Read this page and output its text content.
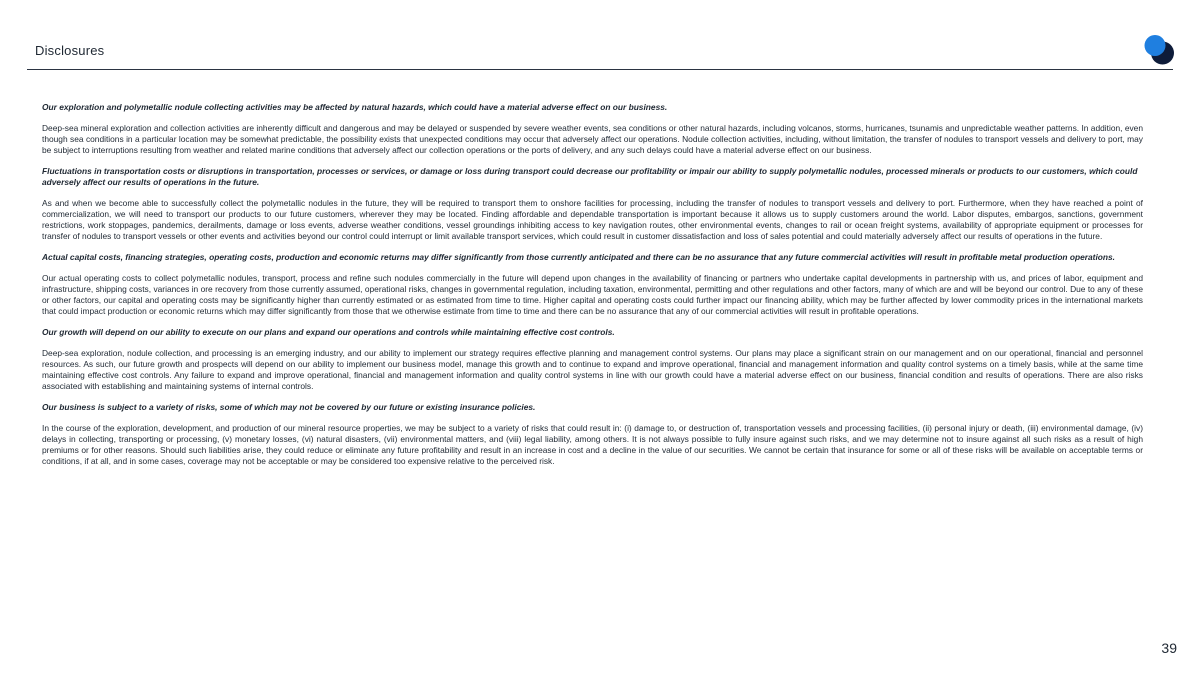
Disclosures

Our exploration and polymetallic nodule collecting activities may be affected by natural hazards, which could have a material adverse effect on our business.

Deep-sea mineral exploration and collection activities are inherently difficult and dangerous and may be delayed or suspended by severe weather events, sea conditions or other natural hazards, including volcanos, storms, hurricanes, tsunamis and unpredictable weather patterns. In addition, even though sea conditions in a particular location may be somewhat predictable, the possibility exists that unexpected conditions may occur that adversely affect our operations. Nodule collection activities, including, without limitation, the transfer of nodules to transport vessels and delivery to port, may be subject to interruptions resulting from weather and related marine conditions that adversely affect our collection operations or the ports of delivery, and any such delays could have a material adverse effect on our business.

Fluctuations in transportation costs or disruptions in transportation, processes or services, or damage or loss during transport could decrease our profitability or impair our ability to supply polymetallic nodules, processed minerals or products to our customers, which could adversely affect our results of operations in the future.

As and when we become able to successfully collect the polymetallic nodules in the future, they will be required to transport them to onshore facilities for processing, including the transfer of nodules to transport vessels and delivery to port. Furthermore, when they have reached a point of commercialization, we will need to transport our products to our future customers, wherever they may be located. Finding affordable and dependable transportation is important because it allows us to supply customers around the world. Labor disputes, embargos, sanctions, government restrictions, work stoppages, pandemics, derailments, damage or loss events, adverse weather conditions, vessel groundings inhibiting access to key navigation routes, other environmental events, changes to rail or ocean freight systems, availability of appropriate equipment or processes for transfer of nodules to transport vessels or other events and activities beyond our control could interrupt or limit available transport services, which could result in customer dissatisfaction and loss of sales potential and could materially adversely affect our results of operations in the future.

Actual capital costs, financing strategies, operating costs, production and economic returns may differ significantly from those currently anticipated and there can be no assurance that any future commercial activities will result in profitable metal production operations.

Our actual operating costs to collect polymetallic nodules, transport, process and refine such nodules commercially in the future will depend upon changes in the availability of financing or partners who undertake capital developments in partnership with us, and prices of labor, equipment and infrastructure, shipping costs, variances in ore recovery from those currently assumed, operational risks, changes in governmental regulation, including taxation, environmental, permitting and other regulations and other factors, many of which are and will be beyond our control. Due to any of these or other factors, our capital and operating costs may be significantly higher than currently estimated or as estimated from time to time. Higher capital and operating costs could further impact our financing ability, which may be further affected by lower commodity prices in the international markets that could impact production or economic returns which may differ significantly from those that we otherwise estimate from time to time and there can be no assurance that any of our commercial activities will result in profitable operations.

Our growth will depend on our ability to execute on our plans and expand our operations and controls while maintaining effective cost controls.

Deep-sea exploration, nodule collection, and processing is an emerging industry, and our ability to implement our strategy requires effective planning and management control systems. Our plans may place a significant strain on our management and on our operational, financial and personnel resources. As such, our future growth and prospects will depend on our ability to implement our business model, manage this growth and to continue to expand and improve operational, financial and management information and quality control systems on a timely basis, while at the same time maintaining effective cost controls. Any failure to expand and improve operational, financial and management information and quality control systems in line with our growth could have a material adverse effect on our business, financial condition and results of operations. There are also risks associated with establishing and maintaining systems of internal controls.

Our business is subject to a variety of risks, some of which may not be covered by our future or existing insurance policies.

In the course of the exploration, development, and production of our mineral resource properties, we may be subject to a variety of risks that could result in: (i) damage to, or destruction of, transportation vessels and processing facilities, (ii) personal injury or death, (iii) environmental damage, (iv) delays in collecting, transporting or processing, (v) monetary losses, (vi) natural disasters, (vii) environmental matters, and (viii) legal liability, among others. It is not always possible to fully insure against such risks, and we may determine not to insure against all such risks as a result of high premiums or for other reasons. Should such liabilities arise, they could reduce or eliminate any future profitability and result in an increase in cost and a decline in the value of our securities. We cannot be certain that insurance for some or all of these risks will be available on acceptable terms or conditions, if at all, and in some cases, coverage may not be acceptable or may be considered too expensive relative to the perceived risk.

39
